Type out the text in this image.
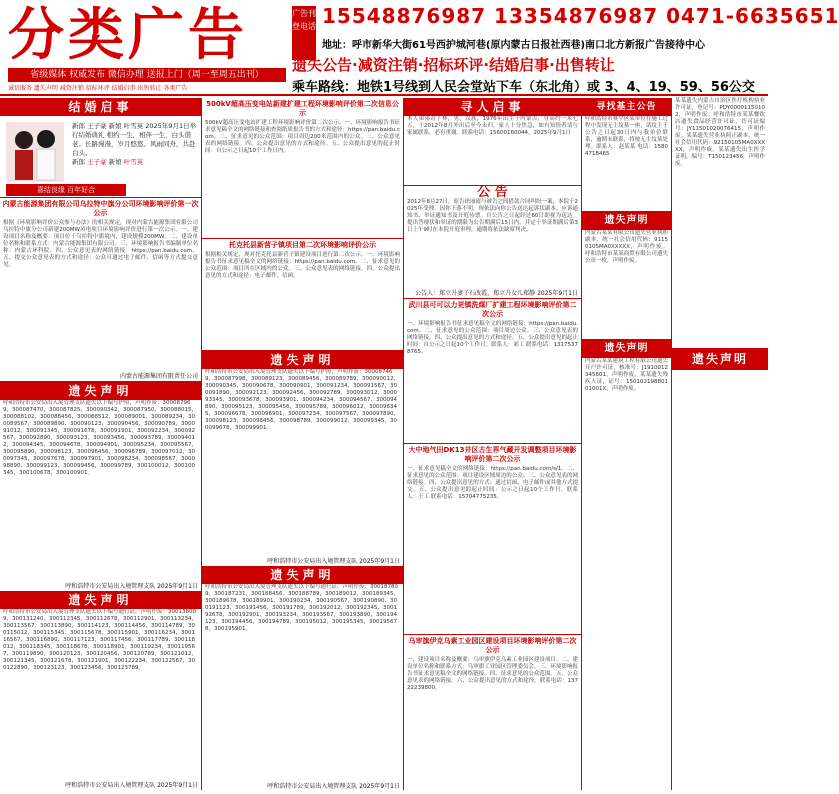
分类广告
省级媒体 权威发布 微信办理 送报上门（周一至周五出刊）
诚信服务 遗失声明 减资注销 招标环评 结婚启事 出售转让 各类广告
广告刊登电话 15548876987 13354876987 0471-6635651
地址：呼市新华大街61号西护城河巷(原内蒙古日报社西巷)南口北方新报广告接待中心
遗失公告·减资注销·招标环评·结婚启事·出售转让
乘车路线：地铁1号线到人民会堂站下车（东北角）或 3、4、19、59、56公交
结婚启事
新郎 王子豪 新娘 叶雪英 2025年9月1日举行结婚典礼 相约一生，相伴一生，白头偕老。长路漫漫，岁月悠悠。风雨同舟，共赴白头。
新郎 王子豪 新娘 叶雪英
喜结良缘 百年好合
内蒙古能源集团有限公司乌拉特中旗分公司环境影响评价第一次公示
根据《环境影响评价公众参与办法》的相关规定，现对内蒙古能源集团有限公司乌拉特中旗分公司新建200MW风电项目环境影响评价进行第一次公示。一、建设项目名称及概要：项目位于乌拉特中旗境内，建设规模200MW。二、建设单位名称和联系方式：内蒙古能源集团有限公司。三、环境影响报告书编制单位名称：内蒙古环科院。四、公众意见表的网络链接：https://pan.baidu.com。五、提交公众意见表的方式和途径：公众可通过电子邮件、信函等方式提交意见。
内蒙古能源集团有限责任公司
遗失声明
呼和浩特市公安局出入境管理支队遗失以下编号护照，声明作废：300087969，300087470，300087825，300090342，300087950，300088015，300088102，300088456，300088512，300089001，300089234，300089567，300089890，300090123，300090456，300090789，300091012，300091345，300091678，300091901，300092234，300092567，300092890，300093123，300093456，300093789，300094012，300094345，300094678，300094901，300095234，300095567，300095890，300096123，300096456，300096789，300097012，300097345，300097678，300097901，300098234，300098567，300098890，300099123，300099456，300099789，300100012，300100345，300100678，300100901。
呼和浩特市公安局出入境管理支队 2025年9月1日
遗失声明
呼和浩特市公安局出入境管理支队遗失以下编号通行证，声明作废：300138009，300131240，300112345，300112678，300112901，300113234，300113567，300113890，300114123，300114456，300114789，300115012，300115345，300115678，300115901，300116234，300116567，300116890，300117123，300117456，300117789，300118012，300118345，300118678，300118901，300119234，300119567，300119890，300120123，300120456，300120789，300121012，300121345，300121678，300121901，300122234，300122567，300122890，300123123，300123456，300123789。
呼和浩特市公安局出入境管理支队 2025年9月1日
500kV超高压变电站新建扩建工程环境影响评价第二次信息公示
500kV超高压变电站扩建工程环境影响评价第二次公示。一、环境影响报告书征求意见稿全文的网络链接和查阅纸质报告书的方式和途径：https://pan.baidu.com。二、征求意见的公众范围：项目周边200米范围内的公众。三、公众意见表的网络链接。四、公众提出意见的方式和途径。五、公众提出意见的起止时间：自公示之日起10个工作日内。
托克托县新营子镇项目第二次环境影响评价公示
根据相关规定，现对托克托县新营子镇建设项目进行第二次公示。一、环境影响报告书征求意见稿全文的网络链接：https://pan.baidu.com。二、征求意见的公众范围：项目所在区域内的公众。三、公众意见表的网络链接。四、公众提出意见的方式和途径：电子邮件、信函。
遗失声明
呼和浩特市公安局出入境管理支队遗失以下编号护照，声明作废：300087469，300087998，300089123，300089456，300089789，300090012，300090345，300090678，300090901，300091234，300091567，300091890，300092123，300092456，300092789，300093012，300093345，300093678，300093901，300094234，300094567，300094890，300095123，300095456，300095789，300096012，300096345，300096678，300096901，300097234，300097567，300097890，300098123，300098456，300098789，300099012，300099345，300099678，300099901。
呼和浩特市公安局出入境管理支队 2025年9月1日
遗失声明
呼和浩特市公安局出入境管理支队遗失以下编号通行证，声明作废：300187809，300187231，300188456，300188789，300189012，300189345，300189678，300189901，300190234，300190567，300190890，300191123，300191456，300191789，300192012，300192345，300192678，300192901，300193234，300193567，300193890，300194123，300194456，300194789，300195012，300195345，300195678，300195901。
呼和浩特市公安局出入境管理支队 2025年9月1日
寻人启事
本人弟弟奇子林，男，汉族，1976年出生于内蒙古，身高约一米七五，于2012年8月外出后至今未归，家人十分焦急，如有知情者请与家属联系，必有重谢。联系电话：15600160044。2025年9月1日
公 告
2012年8月27日，原告徐丽霞与被告之间借款合同纠纷一案，本院于2025年受理。因你下落不明，现依法向你公告送达起诉状副本、应诉通知书、举证通知书及开庭传票。自公告之日起经过60日即视为送达。提出答辩状和举证的期限为公告期满后15日内，并定于举证期满后第3日上午9时在本院开庭审理，逾期将依法缺席判决。
公告人：郑立升妻子石改霞，郑立升女儿郑静 2025年9月1日
武川县可可以力更镇洗煤厂扩建工程环境影响评价第二次公示
一、环境影响报告书征求意见稿全文的网络链接：https://pan.baidu.com。二、征求意见的公众范围：项目周边公众。三、公众意见表的网络链接。四、公众提出意见的方式和途径。五、公众提出意见的起止时间：自公示之日起10个工作日。联系人：刘工 联系电话：13175378765。
大中地气田DK13井区古生界气藏开发调整项目环境影响评价第二次公示
一、征求意见稿全文的网络链接：https://pan.baidu.com/s/1。二、征求意见的公众范围：项目建设区域周边的公众。三、公众意见表的网络链接。四、公众提出意见的方式：通过信函、电子邮件或其他方式提交。五、公众提出意见的起止时间：公示之日起10个工作日。联系人：王工 联系电话：15704775235。
乌审旗伊克乌素工业园区建设项目环境影响评价第二次公示
一、建设项目名称及概要：乌审旗伊克乌素工业园区建设项目。二、建设单位名称和联系方式：乌审旗工业园区管理委员会。三、环境影响报告书征求意见稿全文的网络链接。四、征求意见的公众范围。五、公众意见表的网络链接。六、公众提出意见的方式和途径。联系电话：13722239800。
寻找基主公告
呼和浩特市赛罕区某单位在施工过程中发现无主坟墓一座，请坟主于公告之日起30日内与我单位联系，逾期未联系，将按无主坟墓处理。联系人：赵某某 电话：15804718465
遗失声明
内蒙古某某有限公司遗失营业执照副本，统一社会信用代码：91150105MA0XXXXX，声明作废。呼和浩特市某某商贸有限公司遗失公章一枚，声明作废。
遗失声明
内蒙古某某建筑工程有限公司遗失开户许可证，核准号：J1910012345601，声明作废。某某遗失残疾人证，证号：15010219880101001X，声明作废。
某某遗失内蒙古自治区医疗机构执业许可证，登记号：PDY00001150102，声明作废。呼和浩特市某某餐饮店遗失食品经营许可证，许可证编号：JY11501020076415，声明作废。某某遗失营业执照正副本，统一社会信用代码：92150105MA0XXXXX，声明作废。某某遗失出生医学证明，编号：T150123456，声明作废。
遗失声明
